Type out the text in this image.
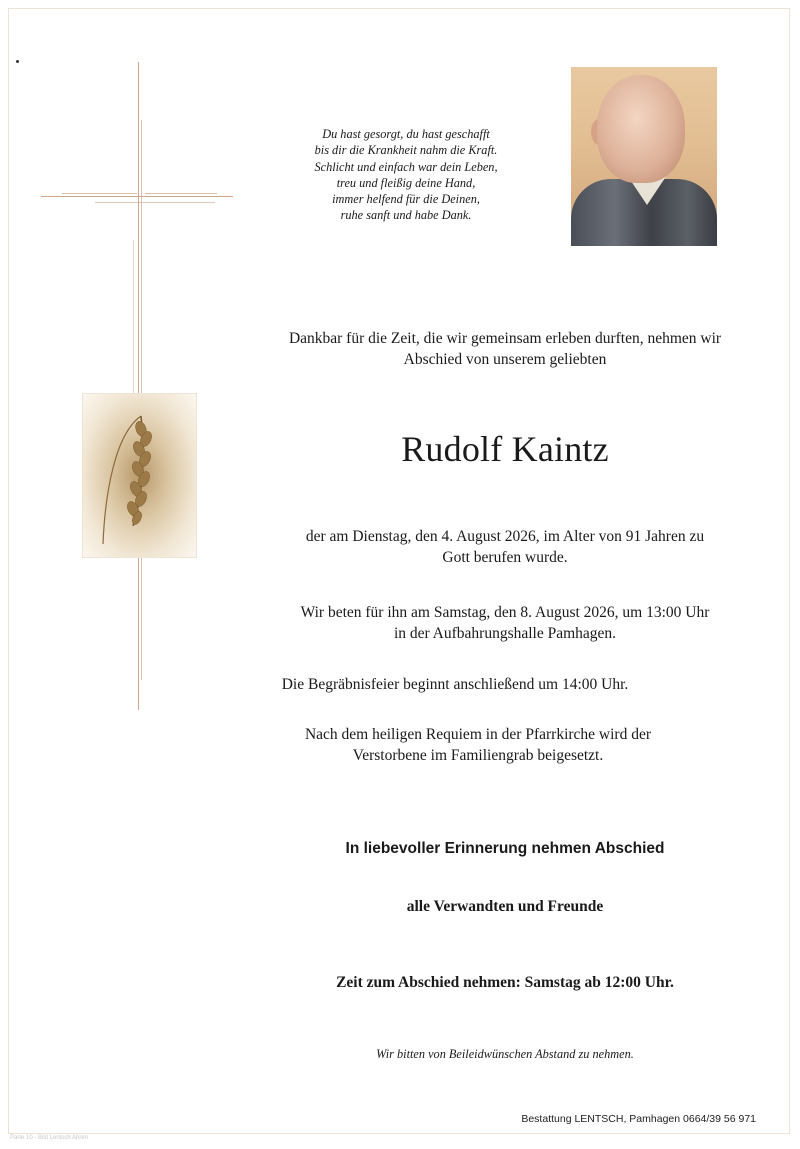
Du hast gesorgt, du hast geschafft
bis dir die Krankheit nahm die Kraft.
Schlicht und einfach war dein Leben,
treu und fleißig deine Hand,
immer helfend für die Deinen,
ruhe sanft und habe Dank.
Dankbar für die Zeit, die wir gemeinsam erleben durften, nehmen wir
Abschied von unserem geliebten
Rudolf Kaintz
der am Dienstag, den 4. August 2026, im Alter von 91 Jahren zu
Gott berufen wurde.
Wir beten für ihn am Samstag, den 8. August 2026, um 13:00 Uhr
in der Aufbahrungshalle Pamhagen.
Die Begräbnisfeier beginnt anschließend um 14:00 Uhr.
Nach dem heiligen Requiem in der Pfarrkirche wird der
Verstorbene im Familiengrab beigesetzt.
In liebevoller Erinnerung nehmen Abschied
alle Verwandten und Freunde
Zeit zum Abschied nehmen: Samstag ab 12:00 Uhr.
Wir bitten von Beileidwünschen Abstand zu nehmen.
Bestattung LENTSCH, Pamhagen 0664/39 56 971
Parte 10 - Bild Lentsch Ahren
